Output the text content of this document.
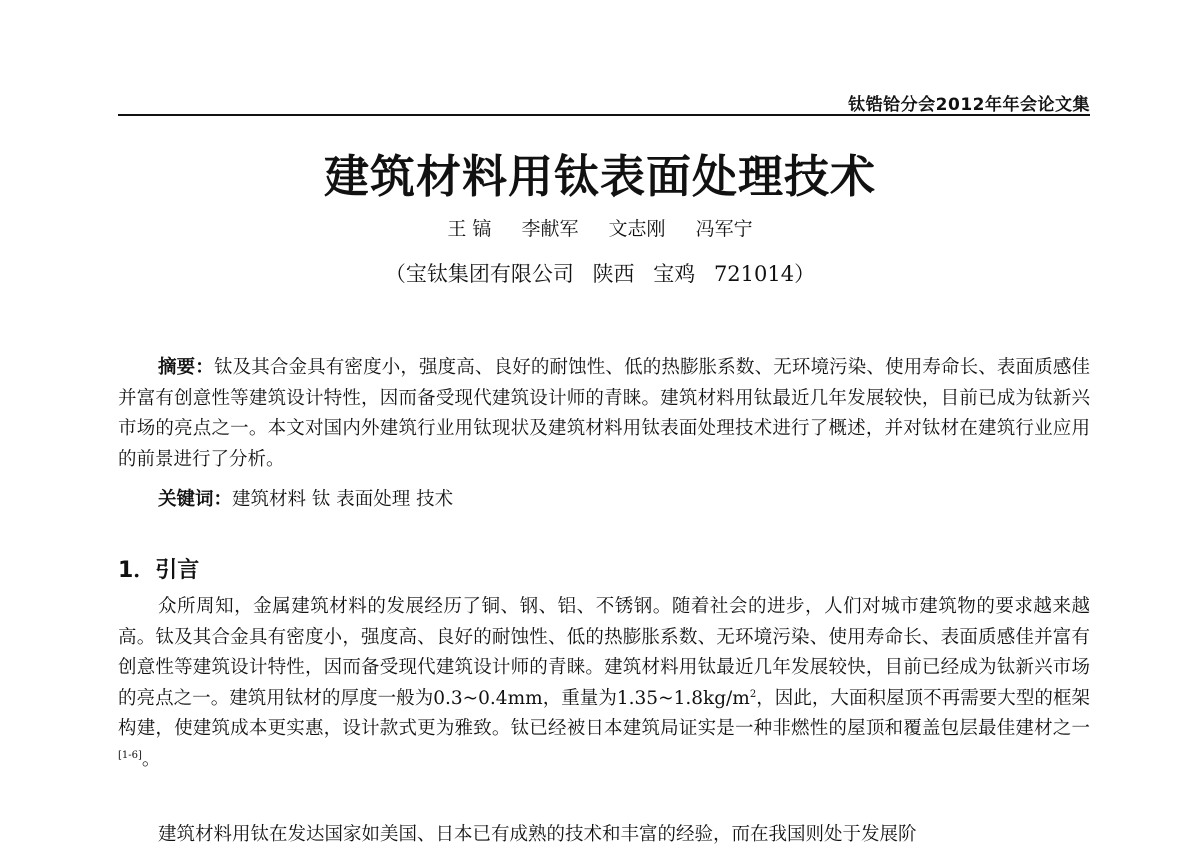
钛锆铪分会2012年年会论文集
建筑材料用钛表面处理技术
王 镐 李献军 文志刚 冯军宁
（宝钛集团有限公司 陕西 宝鸡 721014）
摘要：钛及其合金具有密度小，强度高、良好的耐蚀性、低的热膨胀系数、无环境污染、使用寿命长、表面质感佳并富有创意性等建筑设计特性，因而备受现代建筑设计师的青睐。建筑材料用钛最近几年发展较快，目前已成为钛新兴市场的亮点之一。本文对国内外建筑行业用钛现状及建筑材料用钛表面处理技术进行了概述，并对钛材在建筑行业应用的前景进行了分析。
关键词：建筑材料 钛 表面处理 技术
1．引言
众所周知，金属建筑材料的发展经历了铜、钢、铝、不锈钢。随着社会的进步，人们对城市建筑物的要求越来越高。钛及其合金具有密度小，强度高、良好的耐蚀性、低的热膨胀系数、无环境污染、使用寿命长、表面质感佳并富有创意性等建筑设计特性，因而备受现代建筑设计师的青睐。建筑材料用钛最近几年发展较快，目前已经成为钛新兴市场的亮点之一。建筑用钛材的厚度一般为0.3~0.4mm，重量为$1.35\sim 1.8kg/m^2$，因此，大面积屋顶不再需要大型的框架构建，使建筑成本更实惠，设计款式更为雅致。钛已经被日本建筑局证实是一种非燃性的屋顶和覆盖包层最佳建材之一[1-6]。
建筑材料用钛在发达国家如美国、日本已有成熟的技术和丰富的经验，而在我国则处于发展阶
